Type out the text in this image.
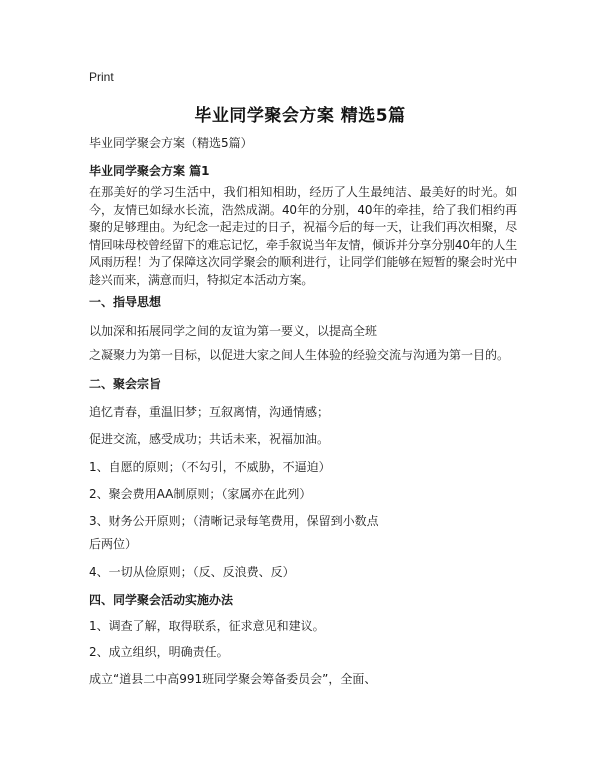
Print
毕业同学聚会方案 精选5篇
毕业同学聚会方案（精选5篇）
毕业同学聚会方案 篇1
在那美好的学习生活中，我们相知相助，经历了人生最纯洁、最美好的时光。如今，友情已如绿水长流，浩然成湖。40年的分别，40年的牵挂，给了我们相约再聚的足够理由。为纪念一起走过的日子，祝福今后的每一天，让我们再次相聚，尽情回味母校曾经留下的难忘记忆，牵手叙说当年友情，倾诉并分享分别40年的人生风雨历程！为了保障这次同学聚会的顺利进行，让同学们能够在短暂的聚会时光中趁兴而来，满意而归，特拟定本活动方案。
一、指导思想
以加深和拓展同学之间的友谊为第一要义，以提高全班
之凝聚力为第一目标，以促进大家之间人生体验的经验交流与沟通为第一目的。
二、聚会宗旨
追忆青春，重温旧梦；互叙离情，沟通情感；
促进交流，感受成功；共话未来，祝福加油。
1、自愿的原则；（不勾引，不威胁，不逼迫）
2、聚会费用AA制原则；（家属亦在此列）
3、财务公开原则；（清晰记录每笔费用，保留到小数点
后两位）
4、一切从俭原则；（反、反浪费、反）
四、同学聚会活动实施办法
1、调查了解，取得联系，征求意见和建议。
2、成立组织，明确责任。
成立“道县二中高991班同学聚会筹备委员会”，全面、
